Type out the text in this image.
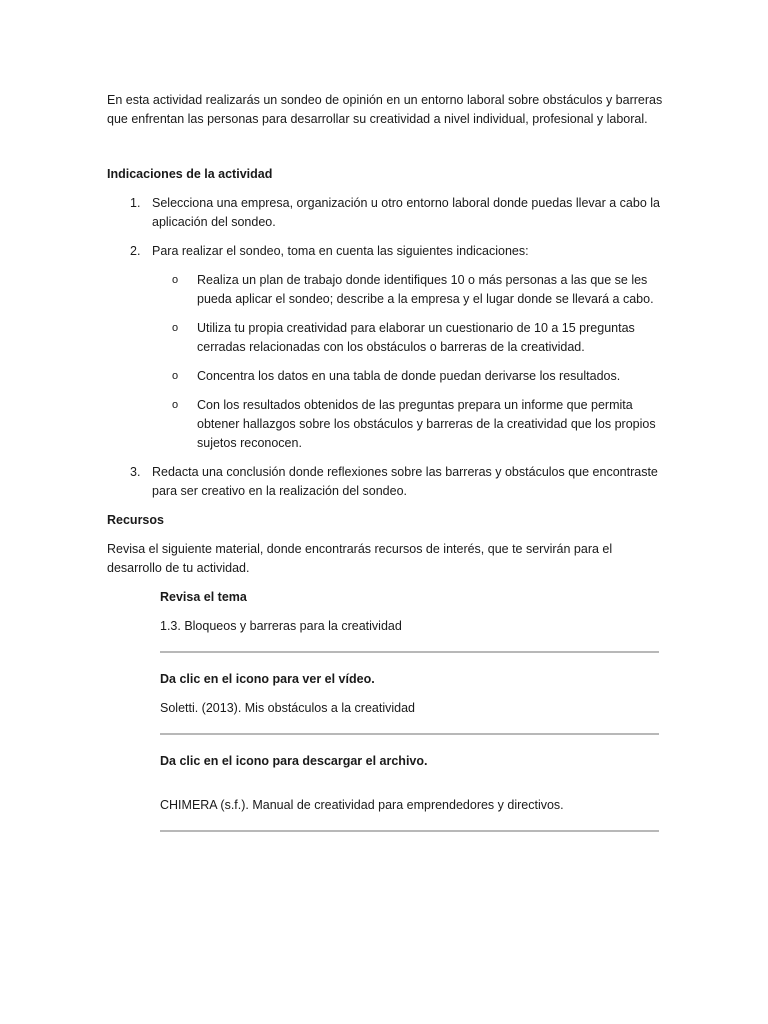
En esta actividad realizarás un sondeo de opinión en un entorno laboral sobre obstáculos y barreras que enfrentan las personas para desarrollar su creatividad a nivel individual, profesional y laboral.

Indicaciones de la actividad

1. Selecciona una empresa, organización u otro entorno laboral donde puedas llevar a cabo la aplicación del sondeo.
2. Para realizar el sondeo, toma en cuenta las siguientes indicaciones:
o Realiza un plan de trabajo donde identifiques 10 o más personas a las que se les pueda aplicar el sondeo; describe a la empresa y el lugar donde se llevará a cabo.
o Utiliza tu propia creatividad para elaborar un cuestionario de 10 a 15 preguntas cerradas relacionadas con los obstáculos o barreras de la creatividad.
o Concentra los datos en una tabla de donde puedan derivarse los resultados.
o Con los resultados obtenidos de las preguntas prepara un informe que permita obtener hallazgos sobre los obstáculos y barreras de la creatividad que los propios sujetos reconocen.
3. Redacta una conclusión donde reflexiones sobre las barreras y obstáculos que encontraste para ser creativo en la realización del sondeo.

Recursos

Revisa el siguiente material, donde encontrarás recursos de interés, que te servirán para el desarrollo de tu actividad.

Revisa el tema

1.3. Bloqueos y barreras para la creatividad

Da clic en el icono para ver el vídeo.

Soletti. (2013). Mis obstáculos a la creatividad

Da clic en el icono para descargar el archivo.

CHIMERA (s.f.). Manual de creatividad para emprendedores y directivos.
